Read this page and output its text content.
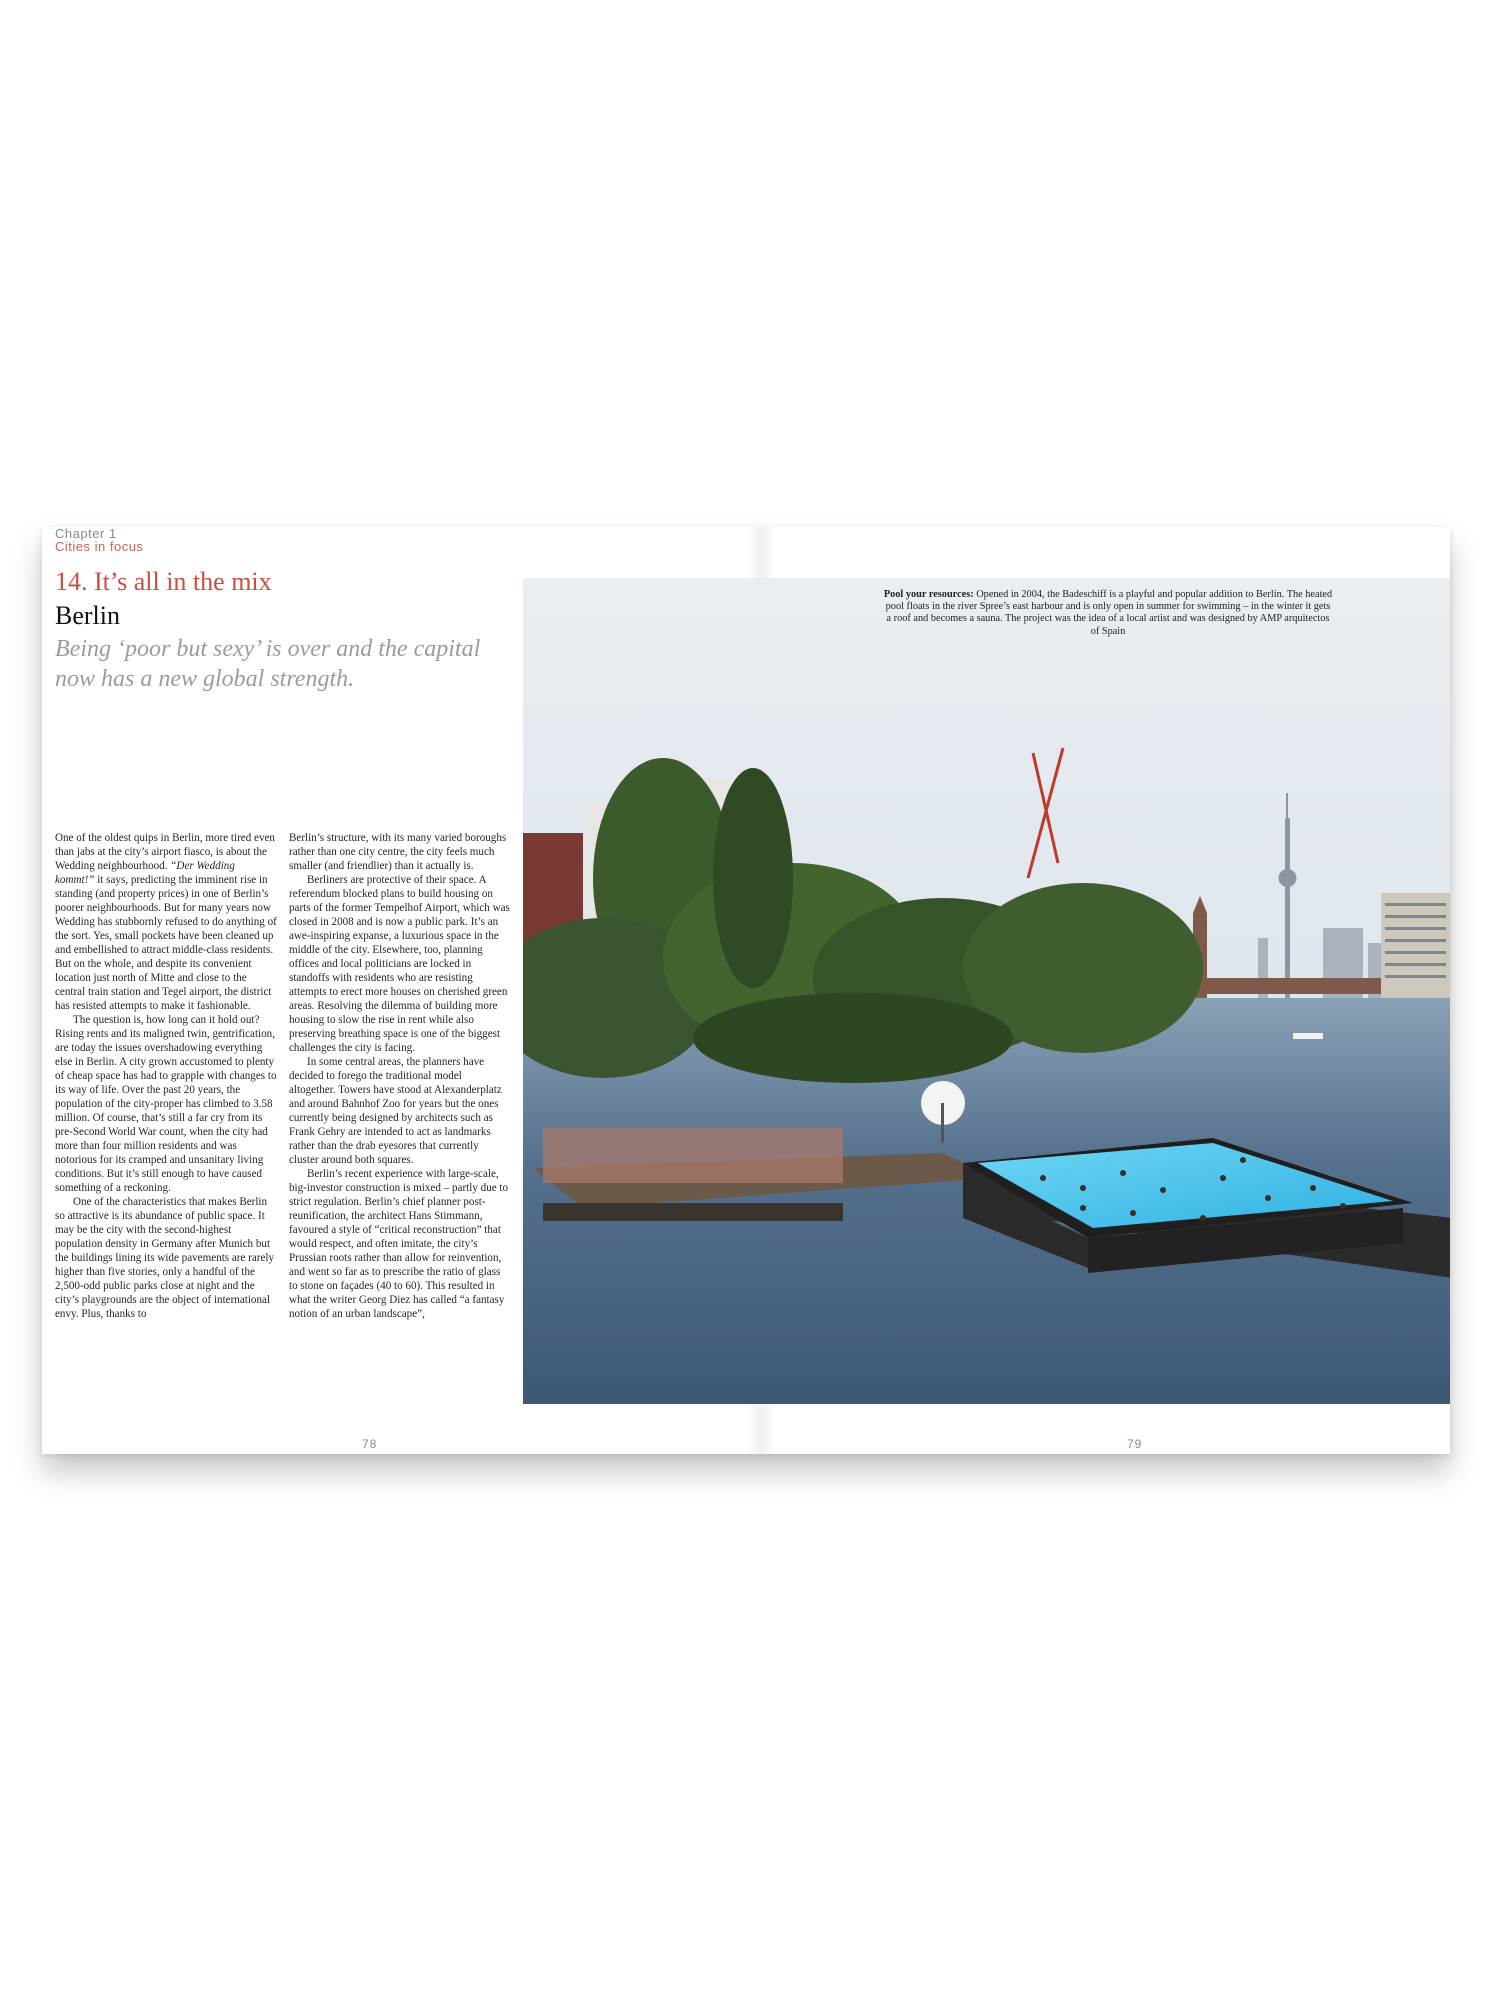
Chapter 1
Cities in focus
14. It’s all in the mix
Berlin

Being ‘poor but sexy’ is over and the capital now has a new global strength.

One of the oldest quips in Berlin, more tired even than jabs at the city’s airport fiasco, is about the Wedding neighbourhood. “Der Wedding kommt!” it says, predicting the imminent rise in standing (and property prices) in one of Berlin’s poorer neighbourhoods. But for many years now Wedding has stubbornly refused to do anything of the sort. Yes, small pockets have been cleaned up and embellished to attract middle-class residents. But on the whole, and despite its convenient location just north of Mitte and close to the central train station and Tegel airport, the district has resisted attempts to make it fashionable.

The question is, how long can it hold out? Rising rents and its maligned twin, gentrification, are today the issues overshadowing everything else in Berlin. A city grown accustomed to plenty of cheap space has had to grapple with changes to its way of life. Over the past 20 years, the population of the city-proper has climbed to 3.58 million. Of course, that’s still a far cry from its pre-Second World War count, when the city had more than four million residents and was notorious for its cramped and unsanitary living conditions. But it’s still enough to have caused something of a reckoning.

One of the characteristics that makes Berlin so attractive is its abundance of public space. It may be the city with the second-highest population density in Germany after Munich but the buildings lining its wide pavements are rarely higher than five stories, only a handful of the 2,500-odd public parks close at night and the city’s playgrounds are the object of international envy. Plus, thanks to

Berlin’s structure, with its many varied boroughs rather than one city centre, the city feels much smaller (and friendlier) than it actually is.

Berliners are protective of their space. A referendum blocked plans to build housing on parts of the former Tempelhof Airport, which was closed in 2008 and is now a public park. It’s an awe-inspiring expanse, a luxurious space in the middle of the city. Elsewhere, too, planning offices and local politicians are locked in standoffs with residents who are resisting attempts to erect more houses on cherished green areas. Resolving the dilemma of building more housing to slow the rise in rent while also preserving breathing space is one of the biggest challenges the city is facing.

In some central areas, the planners have decided to forego the traditional model altogether. Towers have stood at Alexanderplatz and around Bahnhof Zoo for years but the ones currently being designed by architects such as Frank Gehry are intended to act as landmarks rather than the drab eyesores that currently cluster around both squares.

Berlin’s recent experience with large-scale, big-investor construction is mixed – partly due to strict regulation. Berlin’s chief planner post-reunification, the architect Hans Stimmann, favoured a style of “critical reconstruction” that would respect, and often imitate, the city’s Prussian roots rather than allow for reinvention, and went so far as to prescribe the ratio of glass to stone on façades (40 to 60). This resulted in what the writer Georg Diez has called “a fantasy notion of an urban landscape”,

Pool your resources: Opened in 2004, the Badeschiff is a playful and popular addition to Berlin. The heated pool floats in the river Spree’s east harbour and is only open in summer for swimming – in the winter it gets a roof and becomes a sauna. The project was the idea of a local artist and was designed by AMP arquitectos of Spain
78	79
